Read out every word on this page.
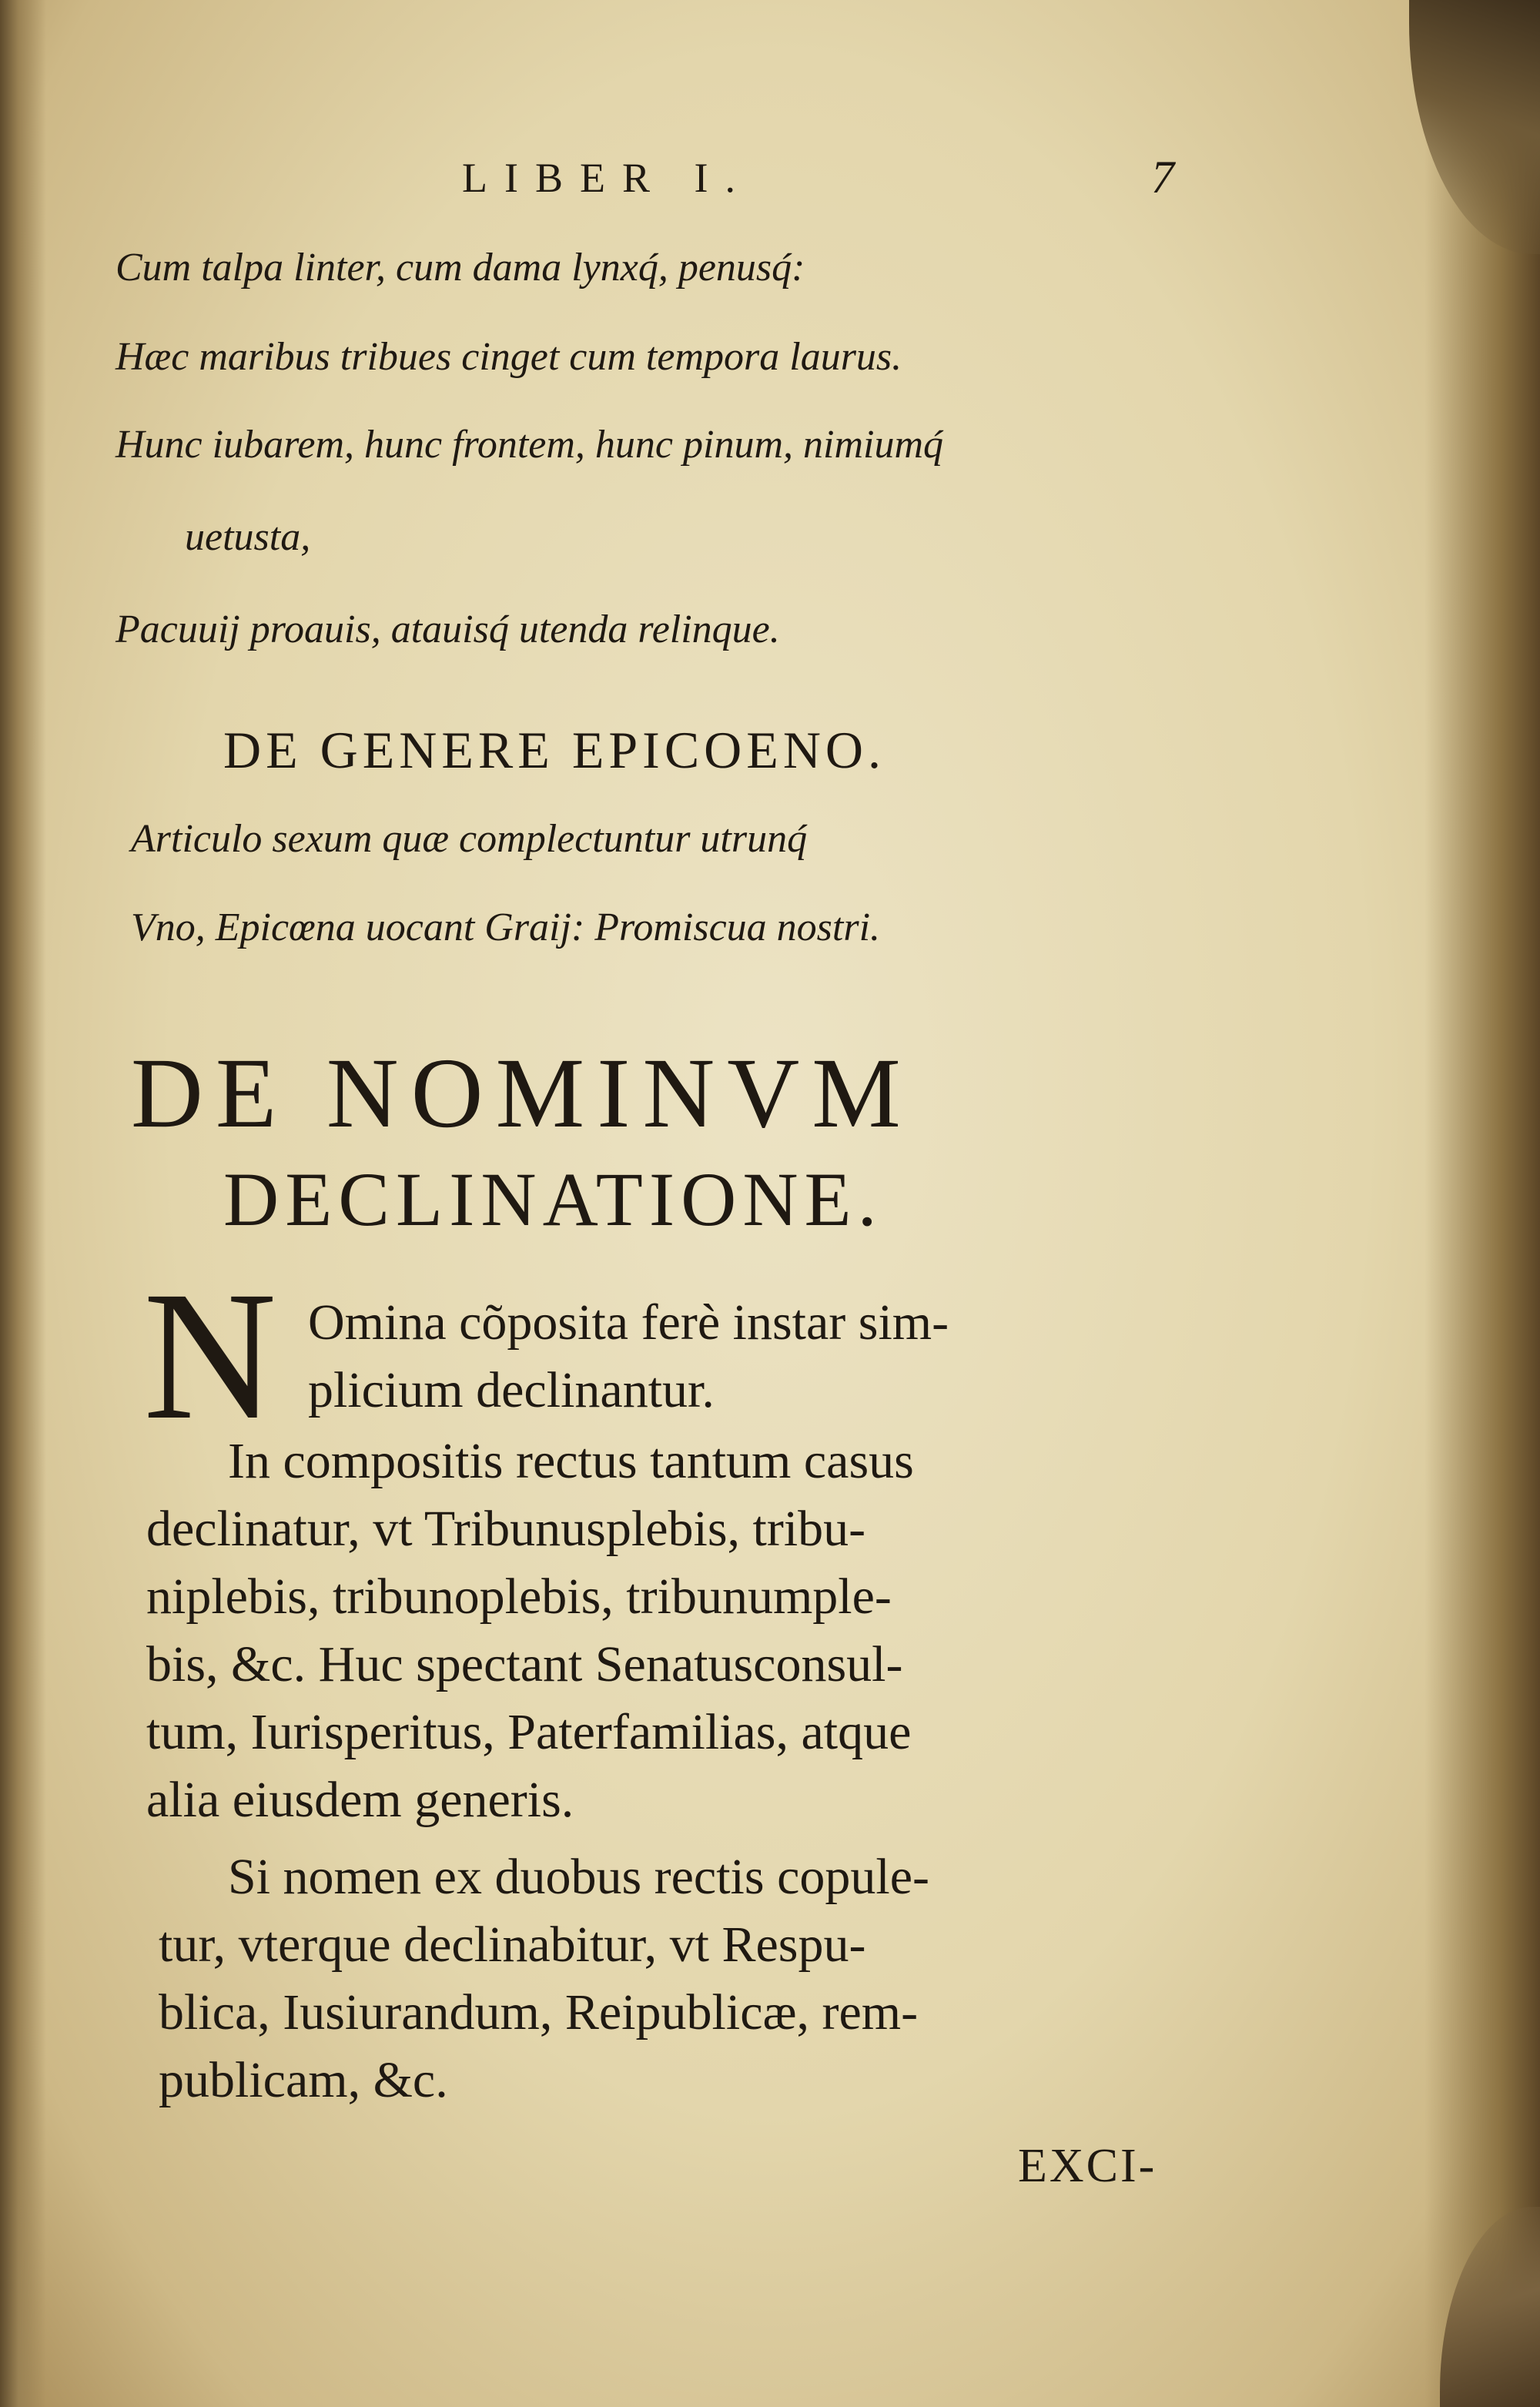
LIBER I.	7
Cum talpa linter, cum dama lynxq́, penusq́:
Hæc maribus tribues cinget cum tempora laurus.
Hunc iubarem, hunc frontem, hunc pinum, nimiumq́
uetusta,
Pacuuij proauis, atauisq́ utenda relinque.
DE GENERE EPICOENO.
Articulo sexum quæ complectuntur utrunq́
Vno, Epicœna uocant Graij: Promiscua nostri.
DE NOMINVM
DECLINATIONE.
N Omina cõposita ferè instar sim-
plicium declinantur.
In compositis rectus tantum casus
declinatur, vt Tribunusplebis, tribu-
niplebis, tribunoplebis, tribunumple-
bis, &c. Huc spectant Senatusconsul-
tum, Iurisperitus, Paterfamilias, atque
alia eiusdem generis.
Si nomen ex duobus rectis copule-
tur, vterque declinabitur, vt Respu-
blica, Iusiurandum, Reipublicæ, rem-
publicam, &c.
EXCI-
